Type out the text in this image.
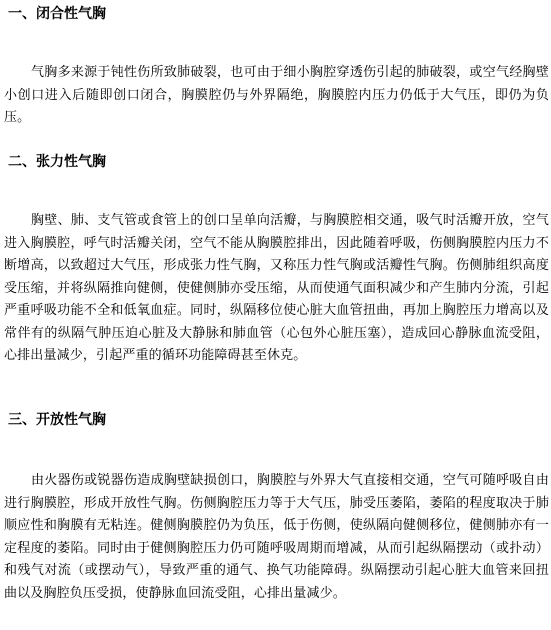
一、闭合性气胸

气胸多来源于钝性伤所致肺破裂，也可由于细小胸腔穿透伤引起的肺破裂，或空气经胸壁小创口进入后随即创口闭合，胸膜腔仍与外界隔绝，胸膜腔内压力仍低于大气压，即仍为负压。

二、张力性气胸

胸壁、肺、支气管或食管上的创口呈单向活瓣，与胸膜腔相交通，吸气时活瓣开放，空气进入胸膜腔，呼气时活瓣关闭，空气不能从胸膜腔排出，因此随着呼吸，伤侧胸膜腔内压力不断增高，以致超过大气压，形成张力性气胸，又称压力性气胸或活瓣性气胸。伤侧肺组织高度受压缩，并将纵隔推向健侧，使健侧肺亦受压缩，从而使通气面积减少和产生肺内分流，引起严重呼吸功能不全和低氧血症。同时，纵隔移位使心脏大血管扭曲，再加上胸腔压力增高以及常伴有的纵隔气肿压迫心脏及大静脉和肺血管（心包外心脏压塞），造成回心静脉血流受阻，心排出量减少，引起严重的循环功能障碍甚至休克。

三、开放性气胸

由火器伤或锐器伤造成胸壁缺损创口，胸膜腔与外界大气直接相交通，空气可随呼吸自由进行胸膜腔，形成开放性气胸。伤侧胸腔压力等于大气压，肺受压萎陷，萎陷的程度取决于肺顺应性和胸膜有无粘连。健侧胸膜腔仍为负压，低于伤侧，使纵隔向健侧移位，健侧肺亦有一定程度的萎陷。同时由于健侧胸腔压力仍可随呼吸周期而增减，从而引起纵隔摆动（或扑动）和残气对流（或摆动气），导致严重的通气、换气功能障碍。纵隔摆动引起心脏大血管来回扭曲以及胸腔负压受损，使静脉血回流受阻，心排出量减少。
